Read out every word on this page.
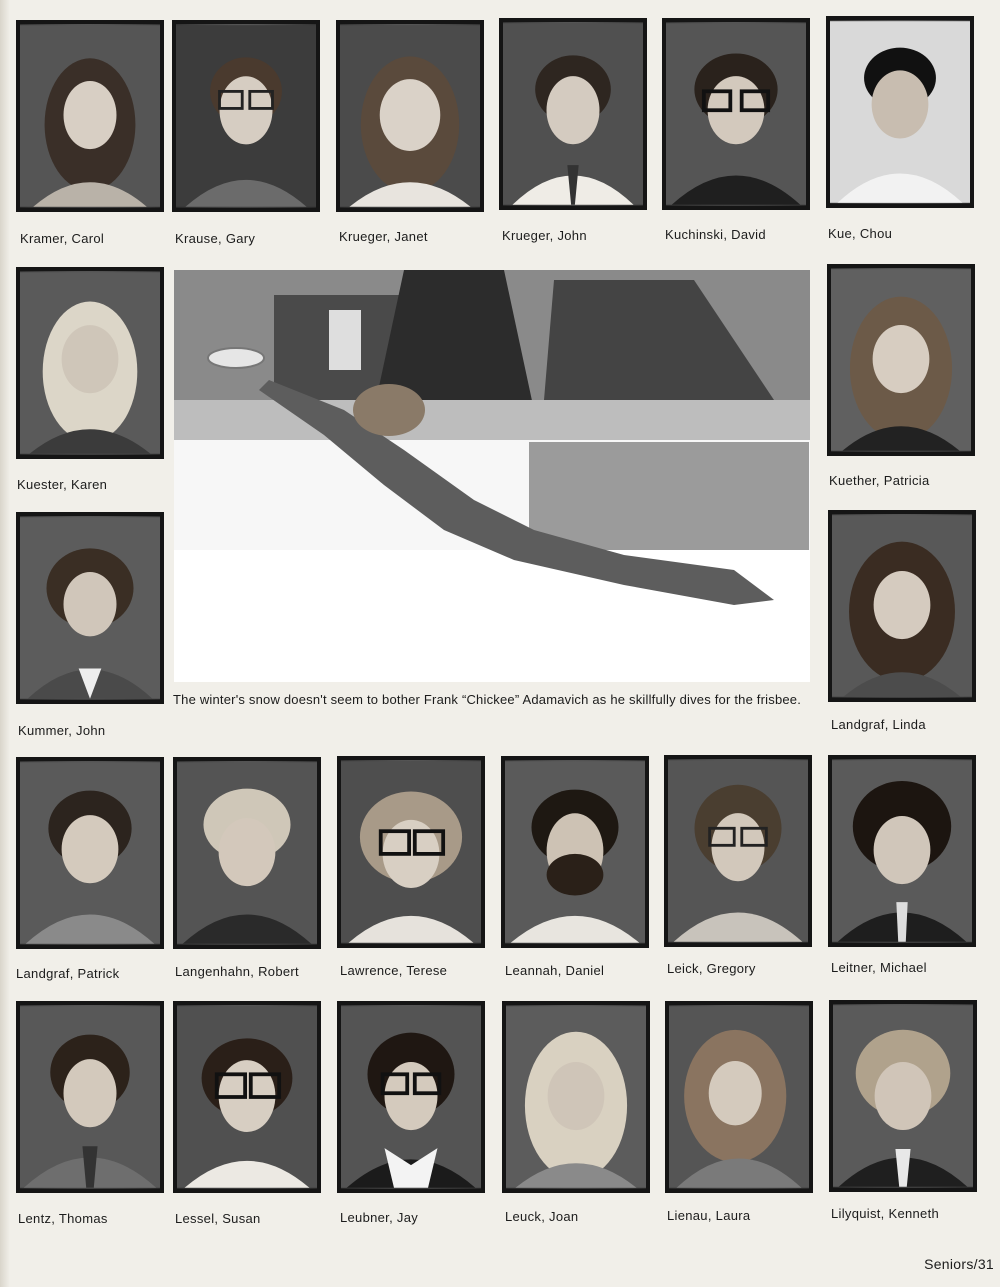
Kramer, Carol	Krause, Gary	Krueger, Janet	Krueger, John	Kuchinski, David	Kue, Chou
Kuester, Karen
Kummer, John
The winter's snow doesn't seem to bother Frank “Chickee” Adamavich as he skillfully dives for the frisbee.
Kuether, Patricia
Landgraf, Linda
Landgraf, Patrick	Langenhahn, Robert	Lawrence, Terese	Leannah, Daniel	Leick, Gregory	Leitner, Michael
Lentz, Thomas	Lessel, Susan	Leubner, Jay	Leuck, Joan	Lienau, Laura	Lilyquist, Kenneth
Seniors/31
